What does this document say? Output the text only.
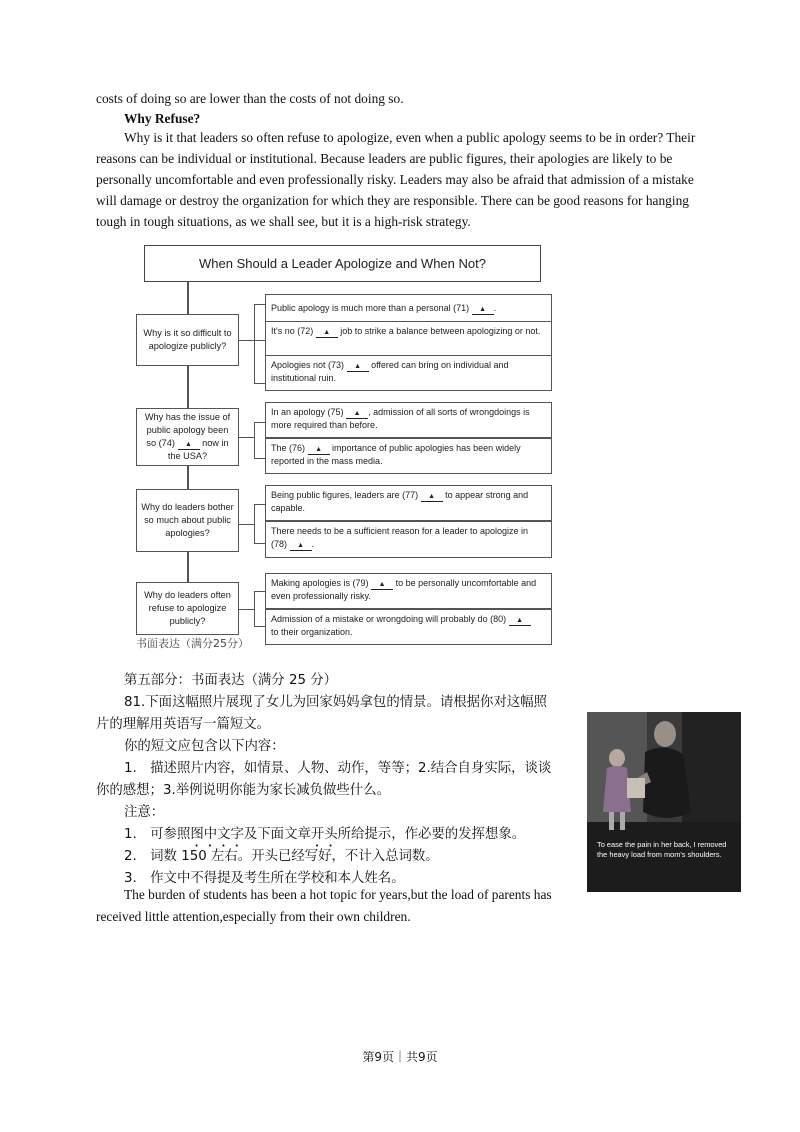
costs of doing so are lower than the costs of not doing so.

Why Refuse?

Why is it that leaders so often refuse to apologize, even when a public apology seems to be in order? Their reasons can be individual or institutional. Because leaders are public figures, their apologies are likely to be personally uncomfortable and even professionally risky. Leaders may also be afraid that admission of a mistake will damage or destroy the organization for which they are responsible. There can be good reasons for hanging tough in tough situations, as we shall see, but it is a high-risk strategy.

When Should a Leader Apologize and When Not?
Why is it so difficult to apologize publicly?
Public apology is much more than a personal (71) ▲ .
It's no (72) ▲ job to strike a balance between apologizing or not.
Apologies not (73) ▲ offered can bring on individual and institutional ruin.
Why has the issue of public apology been so (74) ▲ now in the USA?
In an apology (75) ▲ , admission of all sorts of wrongdoings is more required than before.
The (76) ▲ importance of public apologies has been widely reported in the mass media.
Why do leaders bother so much about public apologies?
Being public figures, leaders are (77) ▲ to appear strong and capable.
There needs to be a sufficient reason for a leader to apologize in (78) ▲ .
Why do leaders often refuse to apologize publicly?
Making apologies is (79) ▲ to be personally uncomfortable and even professionally risky.
Admission of a mistake or wrongdoing will probably do (80) ▲
to their organization.
书面表达（满分25分）

第五部分：书面表达（满分 25 分）

81.下面这幅照片展现了女儿为回家妈妈拿包的情景。请根据你对这幅照片的理解用英语写一篇短文。

你的短文应包含以下内容：

1.　描述照片内容，如情景、人物、动作，等等；2.结合自身实际，谈谈你的感想；3.举例说明你能为家长减负做些什么。

注意：

1.　可参照图中文字及下面文章开头所给提示，作必要的发挥想象。

2.　词数 150 左右。开头已经写好，不计入总词数。

3.　作文中不得提及考生所在学校和本人姓名。

The burden of students has been a hot topic for years,but the load of parents has received little attention,especially from their own children.

To ease the pain in her back, I removed the heavy load from mom's shoulders.
第9页｜共9页
